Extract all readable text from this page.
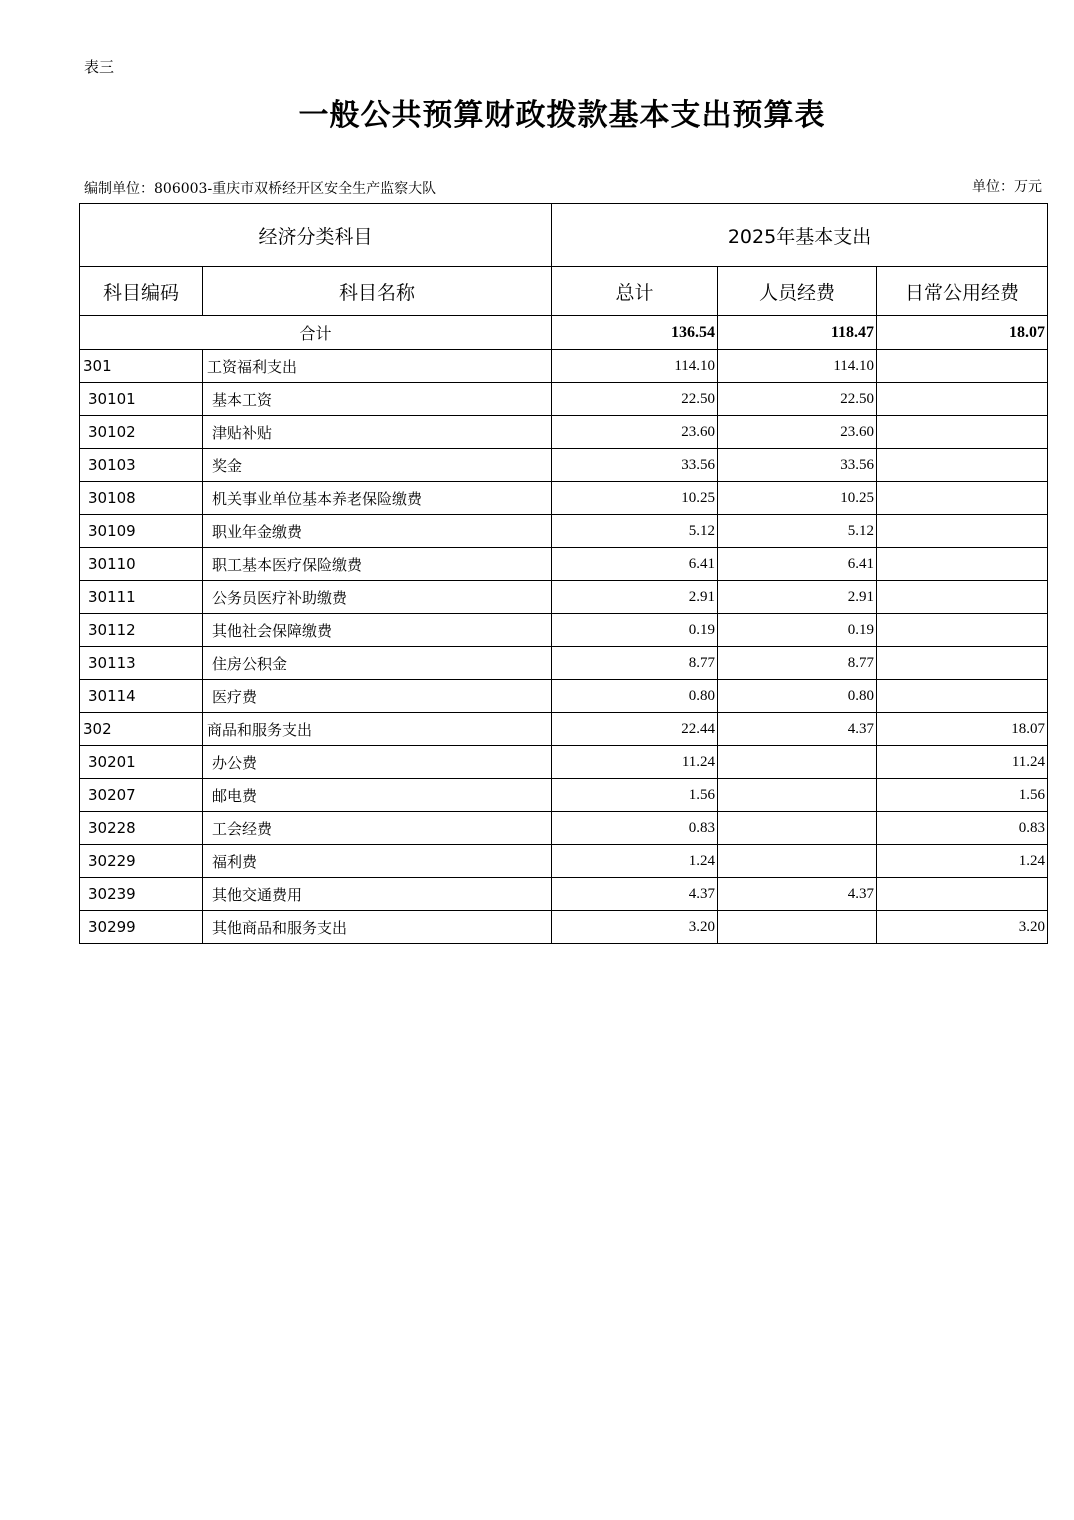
表三
一般公共预算财政拨款基本支出预算表
编制单位：806003-重庆市双桥经开区安全生产监察大队	单位：万元
经济分类科目		2025年基本支出		
科目编码	科目名称	总计	人员经费	日常公用经费
合计		136.54	118.47	18.07
301	工资福利支出	114.10	114.10	
30101	基本工资	22.50	22.50	
30102	津贴补贴	23.60	23.60	
30103	奖金	33.56	33.56	
30108	机关事业单位基本养老保险缴费	10.25	10.25	
30109	职业年金缴费	5.12	5.12	
30110	职工基本医疗保险缴费	6.41	6.41	
30111	公务员医疗补助缴费	2.91	2.91	
30112	其他社会保障缴费	0.19	0.19	
30113	住房公积金	8.77	8.77	
30114	医疗费	0.80	0.80	
302	商品和服务支出	22.44	4.37	18.07
30201	办公费	11.24		11.24
30207	邮电费	1.56		1.56
30228	工会经费	0.83		0.83
30229	福利费	1.24		1.24
30239	其他交通费用	4.37	4.37	
30299	其他商品和服务支出	3.20		3.20
